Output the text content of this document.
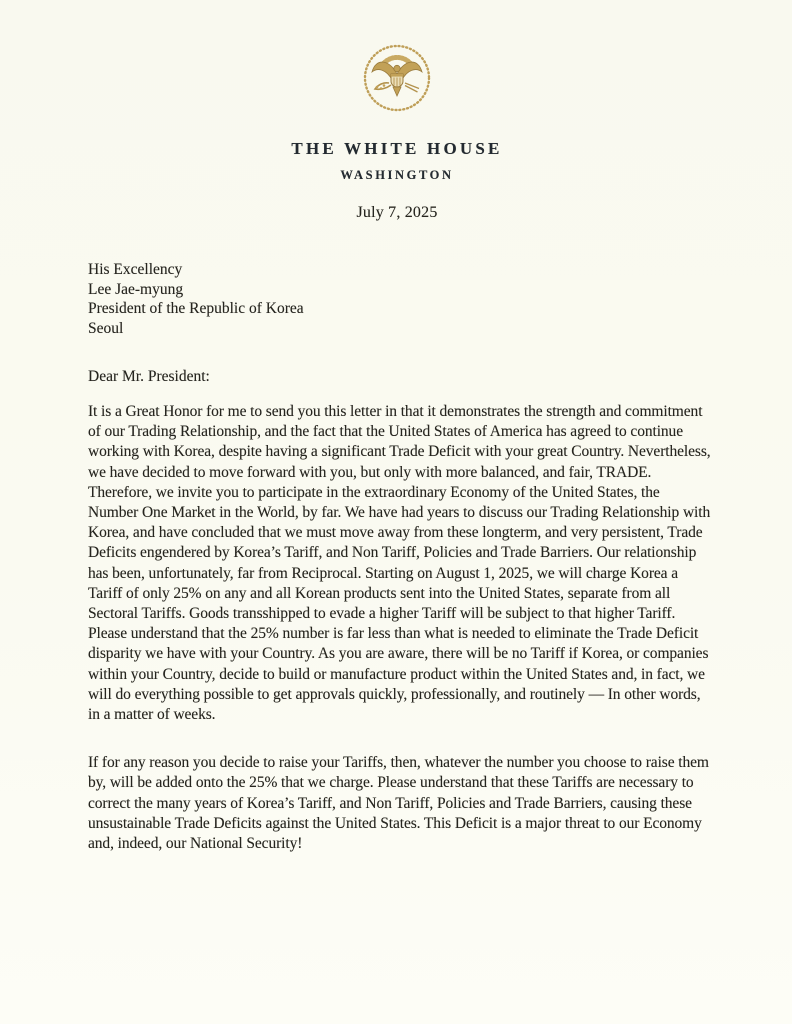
THE WHITE HOUSE
WASHINGTON
July 7, 2025
His Excellency
Lee Jae-myung
President of the Republic of Korea
Seoul
Dear Mr. President:

It is a Great Honor for me to send you this letter in that it demonstrates the strength and commitment of our Trading Relationship, and the fact that the United States of America has agreed to continue working with Korea, despite having a significant Trade Deficit with your great Country. Nevertheless, we have decided to move forward with you, but only with more balanced, and fair, TRADE. Therefore, we invite you to participate in the extraordinary Economy of the United States, the Number One Market in the World, by far. We have had years to discuss our Trading Relationship with Korea, and have concluded that we must move away from these longterm, and very persistent, Trade Deficits engendered by Korea’s Tariff, and Non Tariff, Policies and Trade Barriers. Our relationship has been, unfortunately, far from Reciprocal. Starting on August 1, 2025, we will charge Korea a Tariff of only 25% on any and all Korean products sent into the United States, separate from all Sectoral Tariffs. Goods transshipped to evade a higher Tariff will be subject to that higher Tariff. Please understand that the 25% number is far less than what is needed to eliminate the Trade Deficit disparity we have with your Country. As you are aware, there will be no Tariff if Korea, or companies within your Country, decide to build or manufacture product within the United States and, in fact, we will do everything possible to get approvals quickly, professionally, and routinely — In other words, in a matter of weeks.

If for any reason you decide to raise your Tariffs, then, whatever the number you choose to raise them by, will be added onto the 25% that we charge. Please understand that these Tariffs are necessary to correct the many years of Korea’s Tariff, and Non Tariff, Policies and Trade Barriers, causing these unsustainable Trade Deficits against the United States. This Deficit is a major threat to our Economy and, indeed, our National Security!
